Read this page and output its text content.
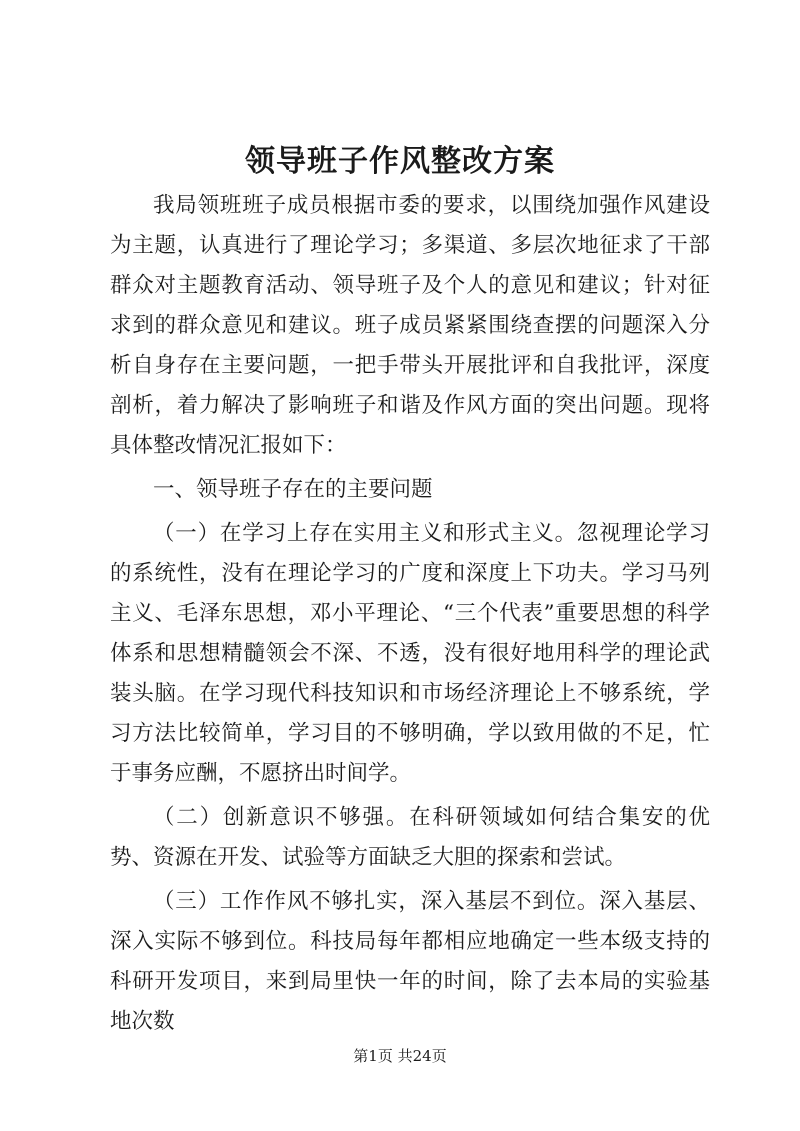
领导班子作风整改方案

我局领班班子成员根据市委的要求，以围绕加强作风建设为主题，认真进行了理论学习；多渠道、多层次地征求了干部群众对主题教育活动、领导班子及个人的意见和建议；针对征求到的群众意见和建议。班子成员紧紧围绕查摆的问题深入分析自身存在主要问题，一把手带头开展批评和自我批评，深度剖析，着力解决了影响班子和谐及作风方面的突出问题。现将具体整改情况汇报如下：

一、领导班子存在的主要问题

（一）在学习上存在实用主义和形式主义。忽视理论学习的系统性，没有在理论学习的广度和深度上下功夫。学习马列主义、毛泽东思想，邓小平理论、“三个代表”重要思想的科学体系和思想精髓领会不深、不透，没有很好地用科学的理论武装头脑。在学习现代科技知识和市场经济理论上不够系统，学习方法比较简单，学习目的不够明确，学以致用做的不足，忙于事务应酬，不愿挤出时间学。

（二）创新意识不够强。在科研领域如何结合集安的优势、资源在开发、试验等方面缺乏大胆的探索和尝试。

（三）工作作风不够扎实，深入基层不到位。深入基层、深入实际不够到位。科技局每年都相应地确定一些本级支持的科研开发项目，来到局里快一年的时间，除了去本局的实验基地次数

第1页 共24页
